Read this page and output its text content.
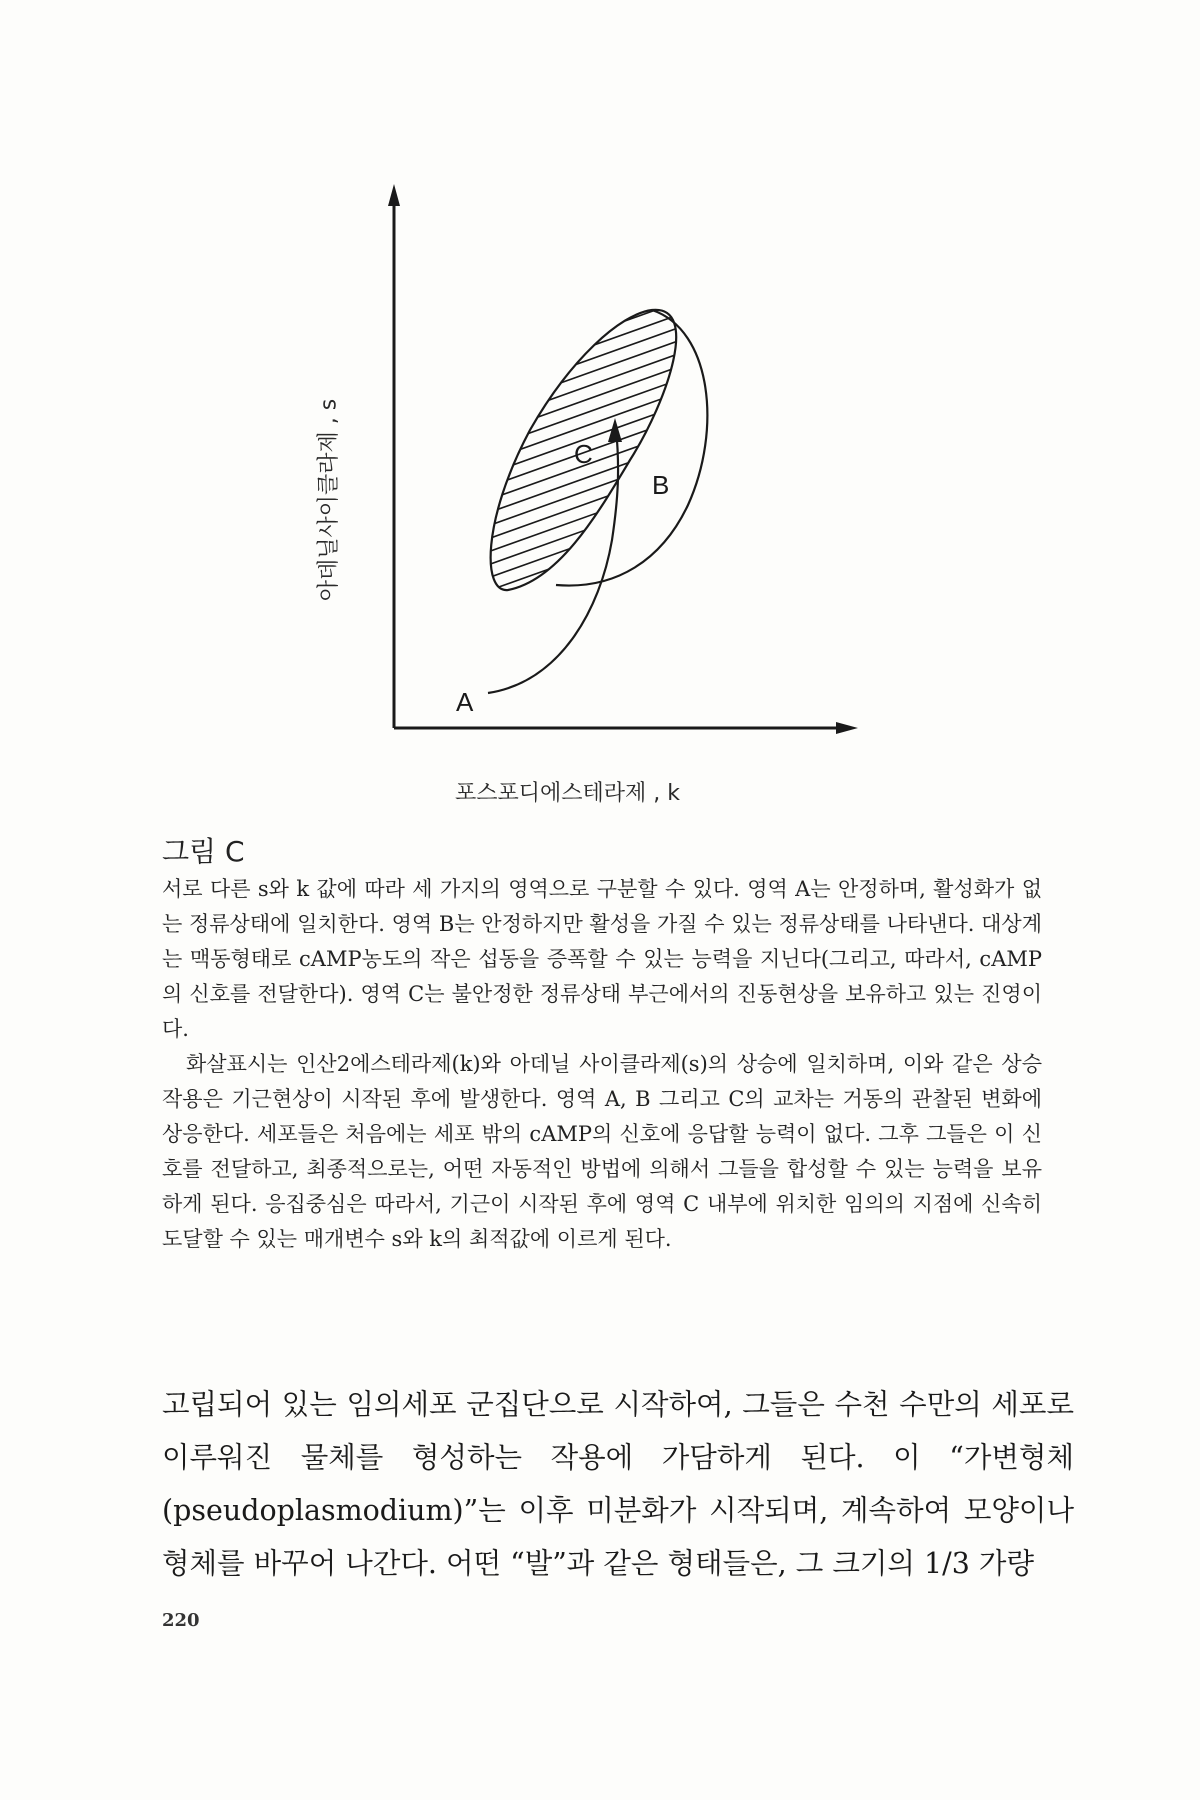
C
B
A
아데닐사이클라제 , s
포스포디에스테라제 , k
그림 C

서로 다른 s와 k 값에 따라 세 가지의 영역으로 구분할 수 있다. 영역 A는 안정하며, 활성화가 없는 정류상태에 일치한다. 영역 B는 안정하지만 활성을 가질 수 있는 정류상태를 나타낸다. 대상계는 맥동형태로 cAMP농도의 작은 섭동을 증폭할 수 있는 능력을 지닌다(그리고, 따라서, cAMP의 신호를 전달한다). 영역 C는 불안정한 정류상태 부근에서의 진동현상을 보유하고 있는 진영이다.

화살표시는 인산2에스테라제(k)와 아데닐 사이클라제(s)의 상승에 일치하며, 이와 같은 상승작용은 기근현상이 시작된 후에 발생한다. 영역 A, B 그리고 C의 교차는 거동의 관찰된 변화에 상응한다. 세포들은 처음에는 세포 밖의 cAMP의 신호에 응답할 능력이 없다. 그후 그들은 이 신호를 전달하고, 최종적으로는, 어떤 자동적인 방법에 의해서 그들을 합성할 수 있는 능력을 보유하게 된다. 응집중심은 따라서, 기근이 시작된 후에 영역 C 내부에 위치한 임의의 지점에 신속히 도달할 수 있는 매개변수 s와 k의 최적값에 이르게 된다.

고립되어 있는 임의세포 군집단으로 시작하여, 그들은 수천 수만의 세포로 이루워진 물체를 형성하는 작용에 가담하게 된다. 이 “가변형체(pseudoplasmodium)”는 이후 미분화가 시작되며, 계속하여 모양이나 형체를 바꾸어 나간다. 어떤 “발”과 같은 형태들은, 그 크기의 1/3 가량

220
